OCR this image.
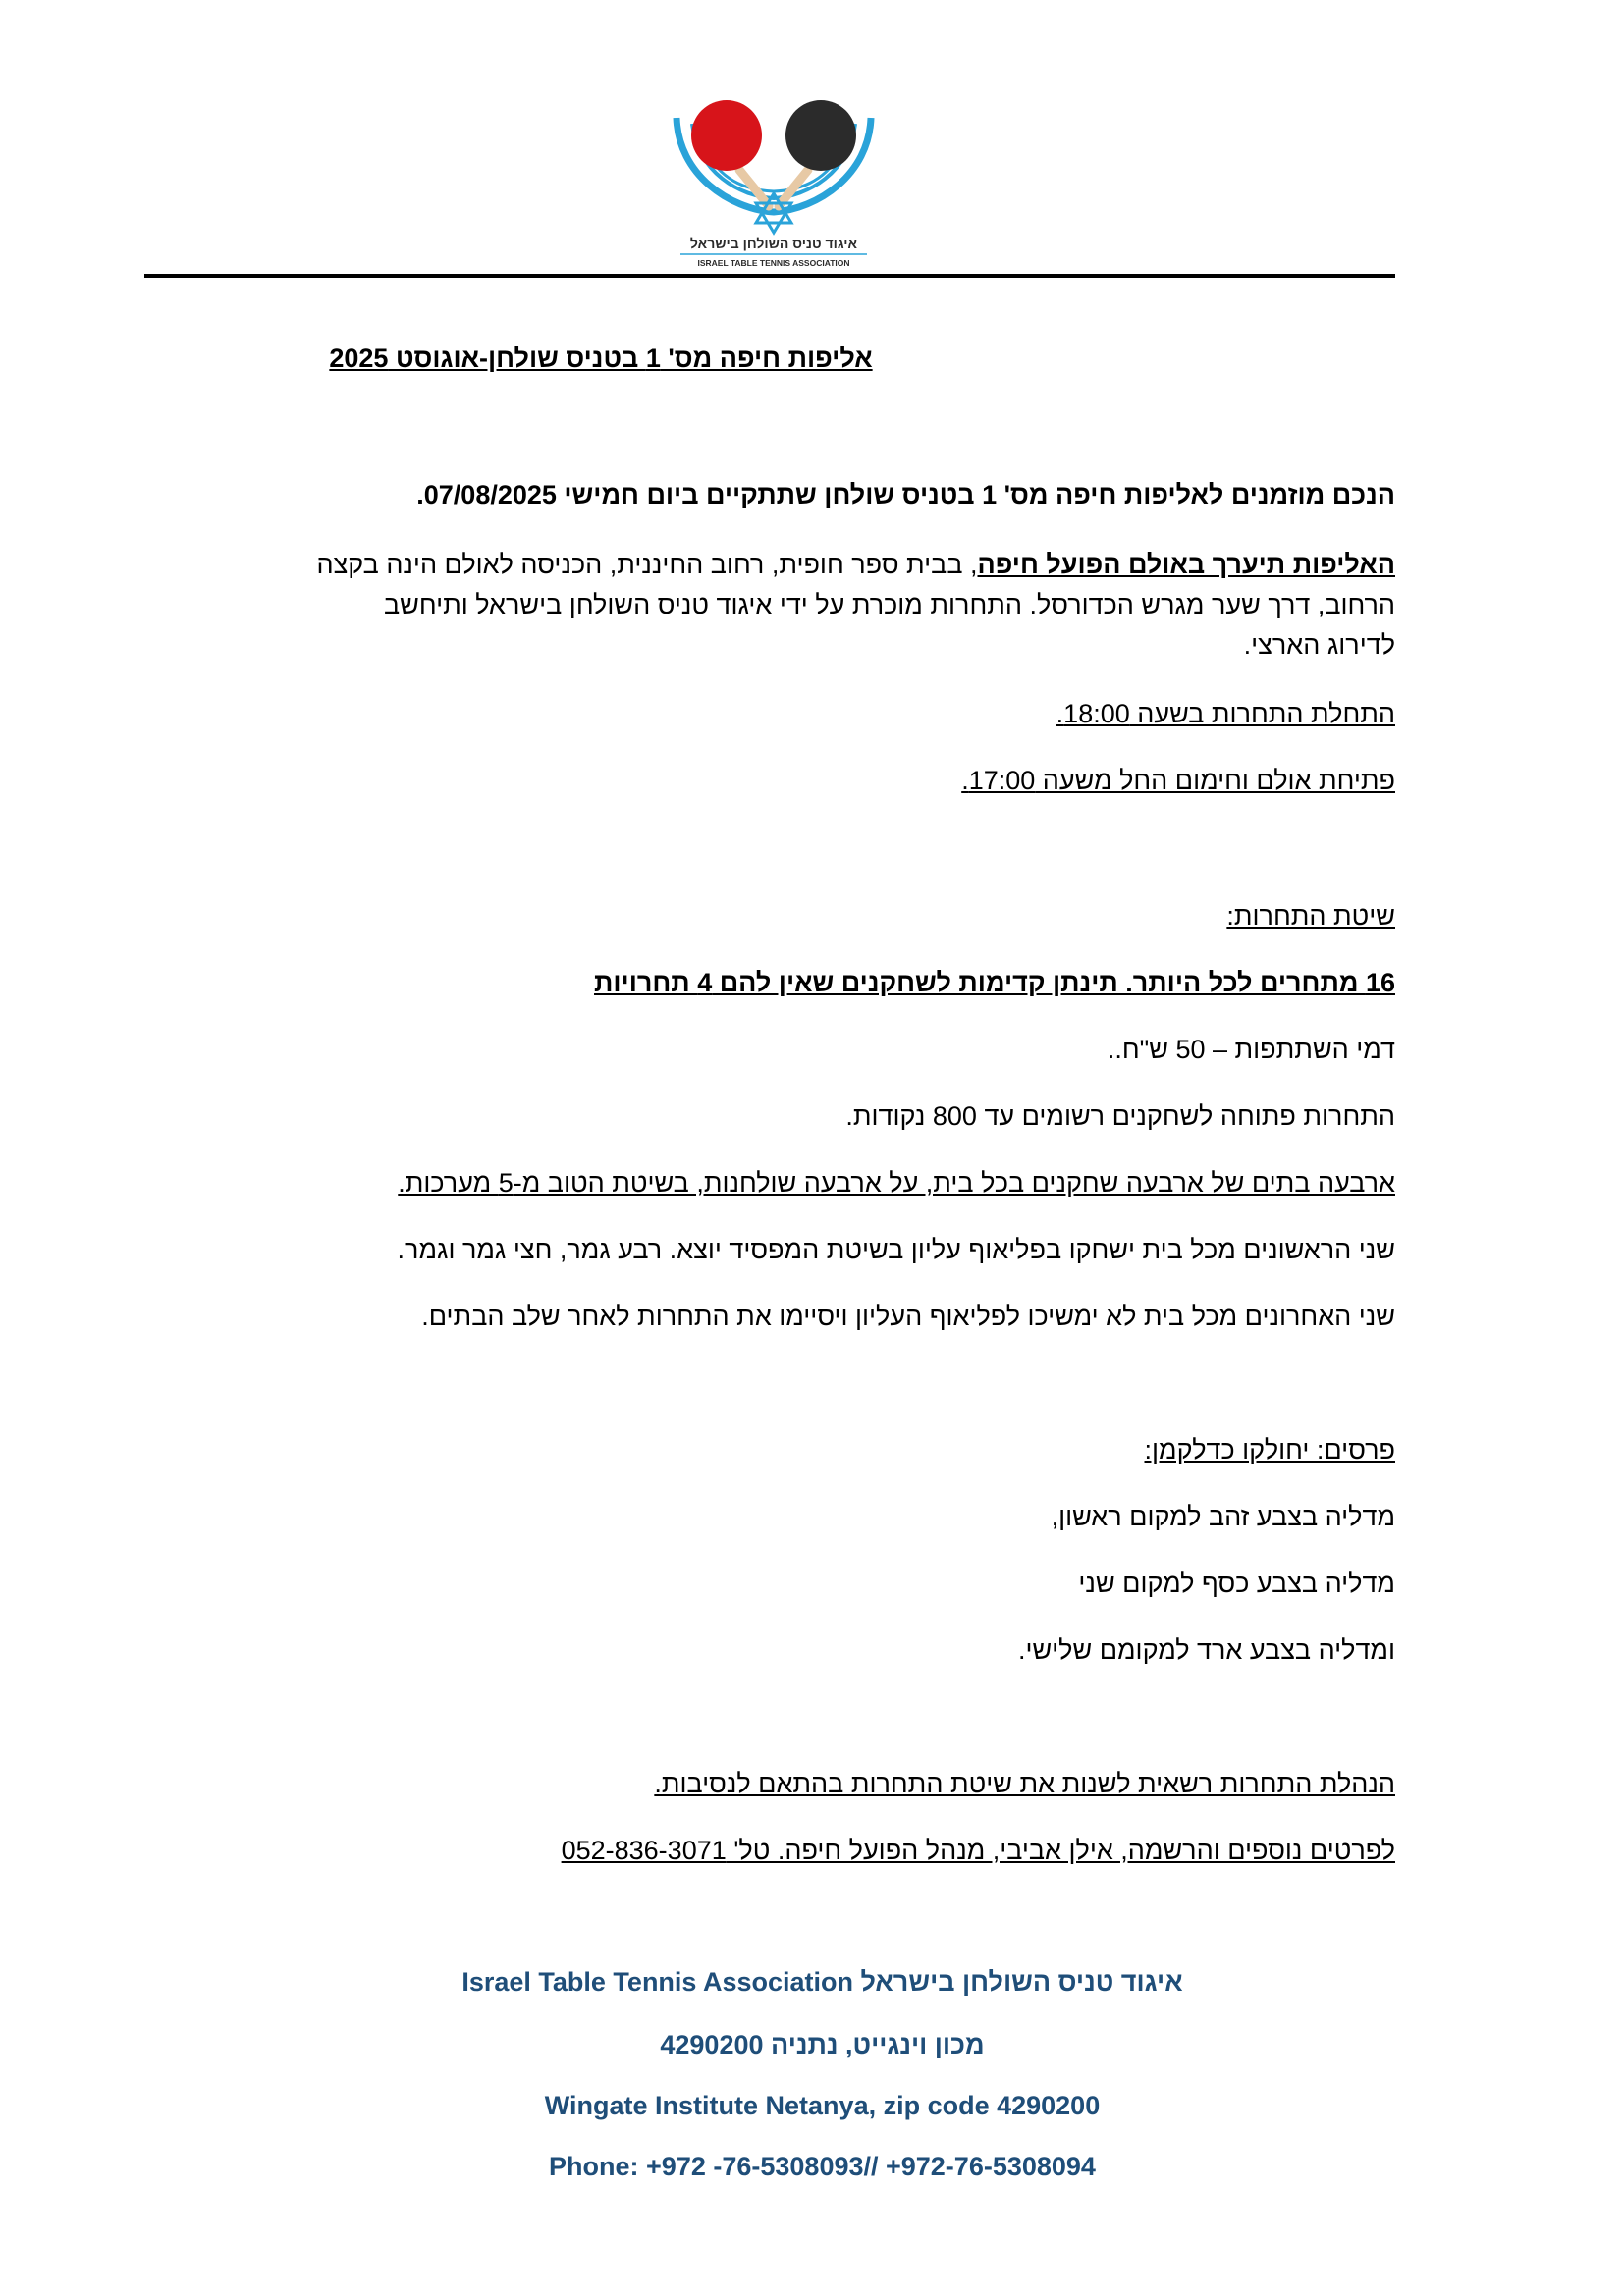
איגוד טניס השולחן בישראל
ISRAEL TABLE TENNIS ASSOCIATION
אליפות חיפה מס' 1 בטניס שולחן-אוגוסט 2025
הנכם מוזמנים לאליפות חיפה מס' 1 בטניס שולחן שתתקיים ביום חמישי 07/08/2025.
האליפות תיערך באולם הפועל חיפה, בבית ספר חופית, רחוב החיננית, הכניסה לאולם הינה בקצה
הרחוב, דרך שער מגרש הכדורסל. התחרות מוכרת על ידי איגוד טניס השולחן בישראל ותיחשב
לדירוג הארצי.
התחלת התחרות בשעה 18:00.
פתיחת אולם וחימום החל משעה 17:00.
שיטת התחרות:
16 מתחרים לכל היותר. תינתן קדימות לשחקנים שאין להם 4 תחרויות
דמי השתתפות – 50 ש"ח..
התחרות פתוחה לשחקנים רשומים עד 800 נקודות.
ארבעה בתים של ארבעה שחקנים בכל בית, על ארבעה שולחנות, בשיטת הטוב מ-5 מערכות.
שני הראשונים מכל בית ישחקו בפליאוף עליון בשיטת המפסיד יוצא. רבע גמר, חצי גמר וגמר.
שני האחרונים מכל בית לא ימשיכו לפליאוף העליון ויסיימו את התחרות לאחר שלב הבתים.
פרסים: יחולקו כדלקמן:
מדליה בצבע זהב למקום ראשון,
מדליה בצבע כסף למקום שני
ומדליה בצבע ארד למקומם שלישי.
הנהלת התחרות רשאית לשנות את שיטת התחרות בהתאם לנסיבות.
לפרטים נוספים והרשמה, אילן אביבי, מנהל הפועל חיפה. טל' 052-836-3071
Israel Table Tennis Association איגוד טניס השולחן בישראל
מכון וינגייט, נתניה 4290200
Wingate Institute Netanya, zip code 4290200
Phone: +972 -76-5308093// +972-76-5308094
